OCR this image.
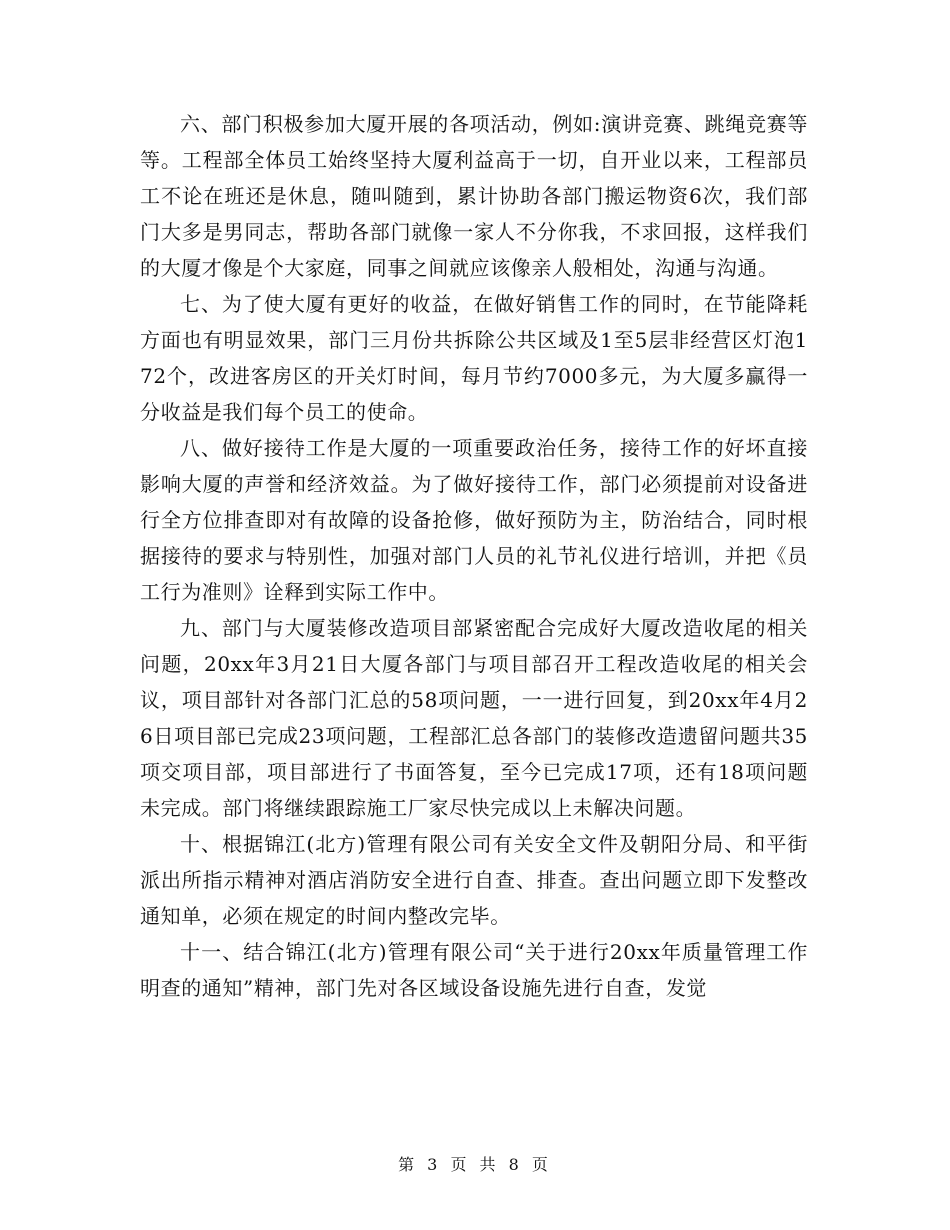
六、部门积极参加大厦开展的各项活动，例如:演讲竞赛、跳绳竞赛等等。工程部全体员工始终坚持大厦利益高于一切，自开业以来，工程部员工不论在班还是休息，随叫随到，累计协助各部门搬运物资6次，我们部门大多是男同志，帮助各部门就像一家人不分你我，不求回报，这样我们的大厦才像是个大家庭，同事之间就应该像亲人般相处，沟通与沟通。

七、为了使大厦有更好的收益，在做好销售工作的同时，在节能降耗方面也有明显效果，部门三月份共拆除公共区域及1至5层非经营区灯泡172个，改进客房区的开关灯时间，每月节约7000多元，为大厦多赢得一分收益是我们每个员工的使命。

八、做好接待工作是大厦的一项重要政治任务，接待工作的好坏直接影响大厦的声誉和经济效益。为了做好接待工作，部门必须提前对设备进行全方位排查即对有故障的设备抢修，做好预防为主，防治结合，同时根据接待的要求与特别性，加强对部门人员的礼节礼仪进行培训，并把《员工行为准则》诠释到实际工作中。

九、部门与大厦装修改造项目部紧密配合完成好大厦改造收尾的相关问题，20xx年3月21日大厦各部门与项目部召开工程改造收尾的相关会议，项目部针对各部门汇总的58项问题，一一进行回复，到20xx年4月26日项目部已完成23项问题，工程部汇总各部门的装修改造遗留问题共35项交项目部，项目部进行了书面答复，至今已完成17项，还有18项问题未完成。部门将继续跟踪施工厂家尽快完成以上未解决问题。

十、根据锦江(北方)管理有限公司有关安全文件及朝阳分局、和平街派出所指示精神对酒店消防安全进行自查、排查。查出问题立即下发整改通知单，必须在规定的时间内整改完毕。

十一、结合锦江(北方)管理有限公司“关于进行20xx年质量管理工作明查的通知”精神，部门先对各区域设备设施先进行自查，发觉

第 3 页 共 8 页
